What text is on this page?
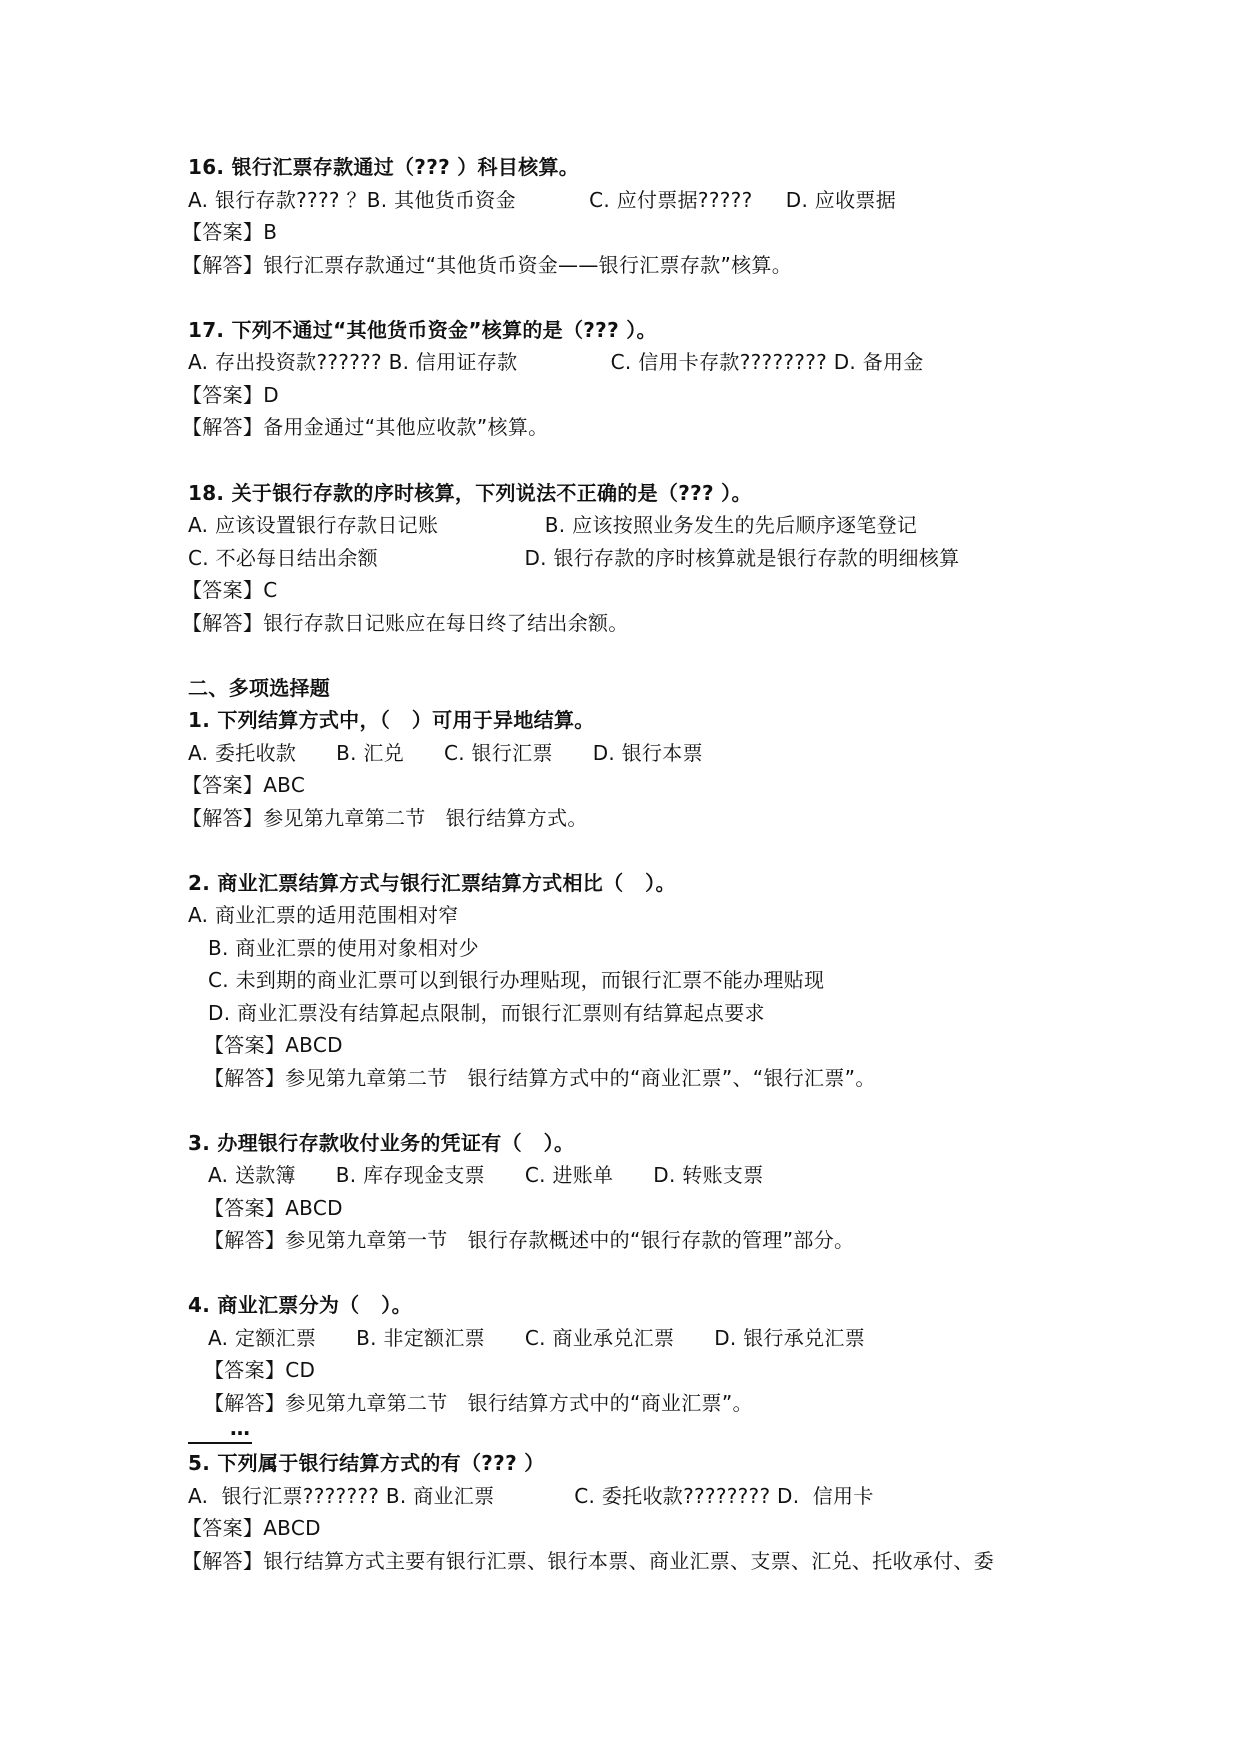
16. 银行汇票存款通过（??? ）科目核算。
A. 银行存款???? ？B. 其他货币资金           C. 应付票据?????     D. 应收票据
【答案】B
【解答】银行汇票存款通过“其他货币资金——银行汇票存款”核算。
17. 下列不通过“其他货币资金”核算的是（??? ）。
A. 存出投资款?????? B. 信用证存款              C. 信用卡存款???????? D. 备用金
【答案】D
【解答】备用金通过“其他应收款”核算。
18. 关于银行存款的序时核算，下列说法不正确的是（??? ）。
A. 应该设置银行存款日记账                B. 应该按照业务发生的先后顺序逐笔登记
C. 不必每日结出余额                      D. 银行存款的序时核算就是银行存款的明细核算
【答案】C
【解答】银行存款日记账应在每日终了结出余额。
二、多项选择题
1. 下列结算方式中，（   ）可用于异地结算。
A. 委托收款      B. 汇兑      C. 银行汇票      D. 银行本票
【答案】ABC
【解答】参见第九章第二节   银行结算方式。
2. 商业汇票结算方式与银行汇票结算方式相比（   ）。
A. 商业汇票的适用范围相对窄
B. 商业汇票的使用对象相对少
C. 未到期的商业汇票可以到银行办理贴现，而银行汇票不能办理贴现
D. 商业汇票没有结算起点限制，而银行汇票则有结算起点要求
【答案】ABCD
【解答】参见第九章第二节   银行结算方式中的“商业汇票”、“银行汇票”。
3. 办理银行存款收付业务的凭证有（   ）。
A. 送款簿      B. 库存现金支票      C. 进账单      D. 转账支票
【答案】ABCD
【解答】参见第九章第一节   银行存款概述中的“银行存款的管理”部分。
4. 商业汇票分为（   ）。
A. 定额汇票      B. 非定额汇票      C. 商业承兑汇票      D. 银行承兑汇票
【答案】CD
【解答】参见第九章第二节   银行结算方式中的“商业汇票”。
…
5. 下列属于银行结算方式的有（??? ）
A.  银行汇票??????? B. 商业汇票            C. 委托收款???????? D.  信用卡
【答案】ABCD
【解答】银行结算方式主要有银行汇票、银行本票、商业汇票、支票、汇兑、托收承付、委
